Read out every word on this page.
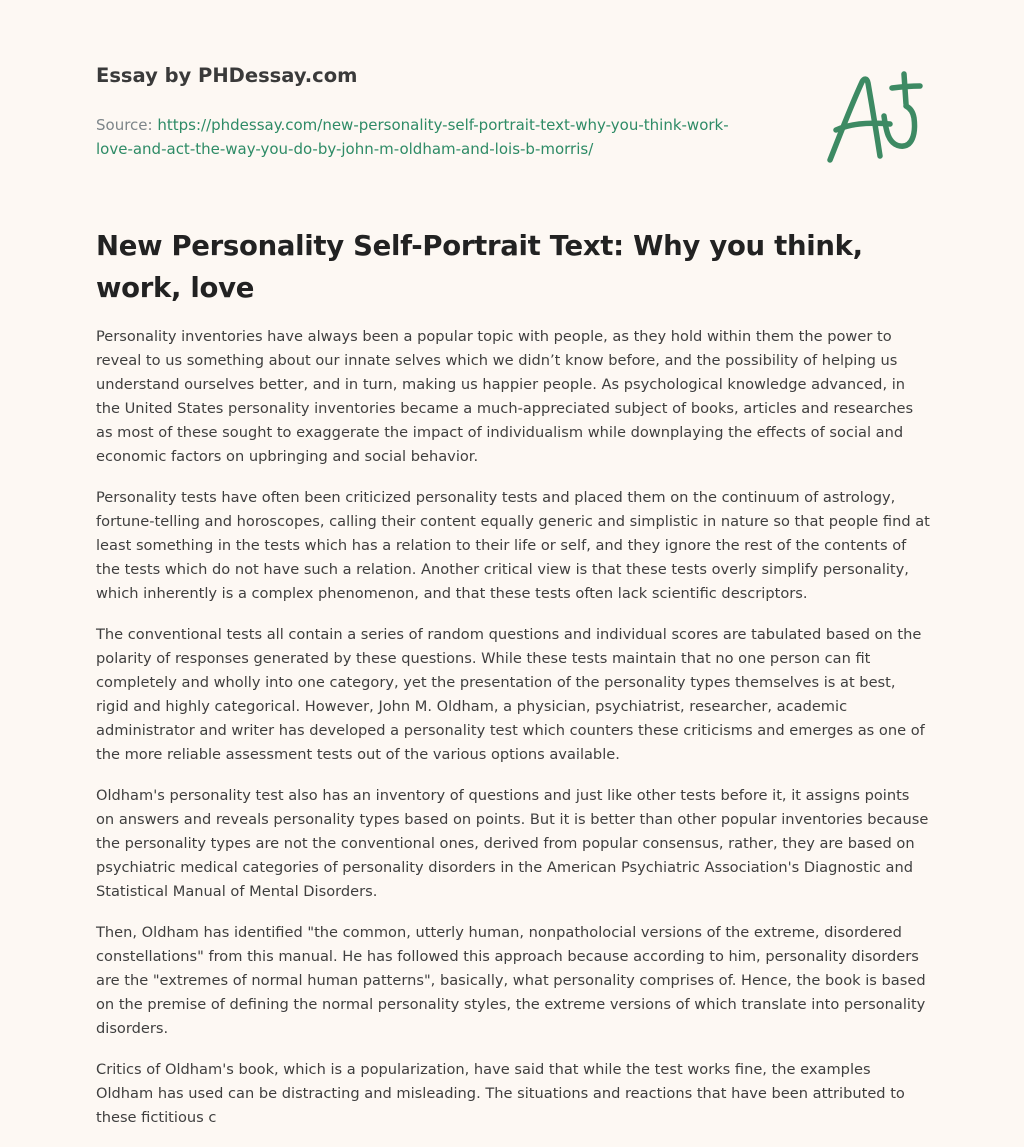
Essay by PHDessay.com
Source: https://phdessay.com/new-personality-self-portrait-text-why-you-think-work-love-and-act-the-way-you-do-by-john-m-oldham-and-lois-b-morris/
New Personality Self-Portrait Text: Why you think, work, love

Personality inventories have always been a popular topic with people, as they hold within them the power to reveal to us something about our innate selves which we didn’t know before, and the possibility of helping us understand ourselves better, and in turn, making us happier people. As psychological knowledge advanced, in the United States personality inventories became a much-appreciated subject of books, articles and researches as most of these sought to exaggerate the impact of individualism while downplaying the effects of social and economic factors on upbringing and social behavior.

Personality tests have often been criticized personality tests and placed them on the continuum of astrology, fortune-telling and horoscopes, calling their content equally generic and simplistic in nature so that people find at least something in the tests which has a relation to their life or self, and they ignore the rest of the contents of the tests which do not have such a relation. Another critical view is that these tests overly simplify personality, which inherently is a complex phenomenon, and that these tests often lack scientific descriptors.

The conventional tests all contain a series of random questions and individual scores are tabulated based on the polarity of responses generated by these questions. While these tests maintain that no one person can fit completely and wholly into one category, yet the presentation of the personality types themselves is at best, rigid and highly categorical. However, John M. Oldham, a physician, psychiatrist, researcher, academic administrator and writer has developed a personality test which counters these criticisms and emerges as one of the more reliable assessment tests out of the various options available.

Oldham's personality test also has an inventory of questions and just like other tests before it, it assigns points on answers and reveals personality types based on points. But it is better than other popular inventories because the personality types are not the conventional ones, derived from popular consensus, rather, they are based on psychiatric medical categories of personality disorders in the American Psychiatric Association's Diagnostic and Statistical Manual of Mental Disorders.

Then, Oldham has identified "the common, utterly human, nonpatholocial versions of the extreme, disordered constellations" from this manual. He has followed this approach because according to him, personality disorders are the "extremes of normal human patterns", basically, what personality comprises of. Hence, the book is based on the premise of defining the normal personality styles, the extreme versions of which translate into personality disorders.

Critics of Oldham's book, which is a popularization, have said that while the test works fine, the examples Oldham has used can be distracting and misleading. The situations and reactions that have been attributed to these fictitious c
